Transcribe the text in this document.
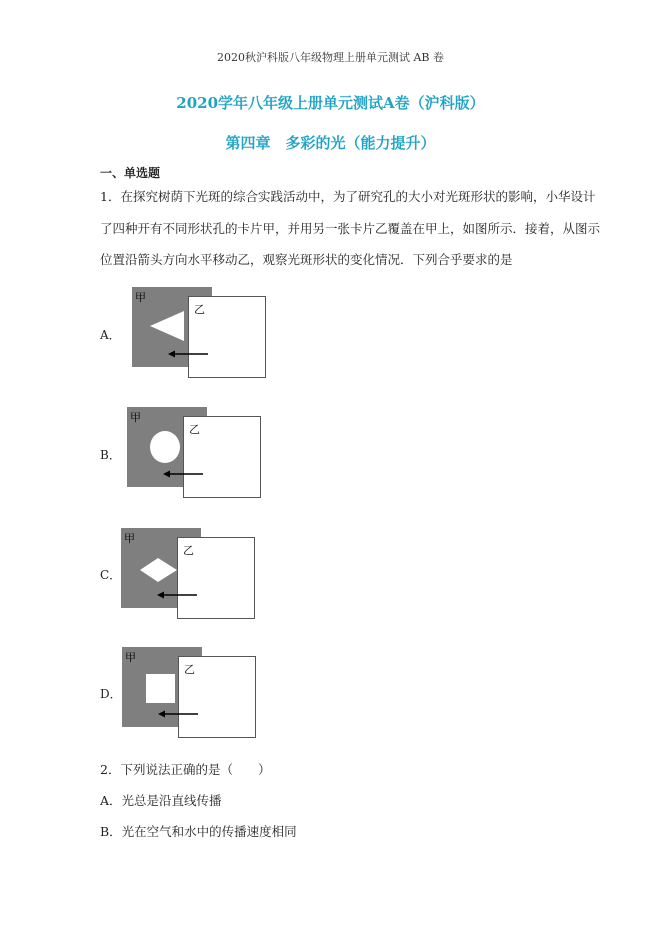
2020秋沪科版八年级物理上册单元测试 AB 卷
2020学年八年级上册单元测试A卷（沪科版）
第四章　多彩的光（能力提升）
一、单选题
1．在探究树荫下光斑的综合实践活动中，为了研究孔的大小对光斑形状的影响，小华设计
了四种开有不同形状孔的卡片甲，并用另一张卡片乙覆盖在甲上，如图所示．接着，从图示
位置沿箭头方向水平移动乙，观察光斑形状的变化情况．下列合乎要求的是
A．
甲
乙
B．
甲
乙
C．
甲
乙
D．
甲
乙
2．下列说法正确的是（　　）
A．光总是沿直线传播
B．光在空气和水中的传播速度相同
